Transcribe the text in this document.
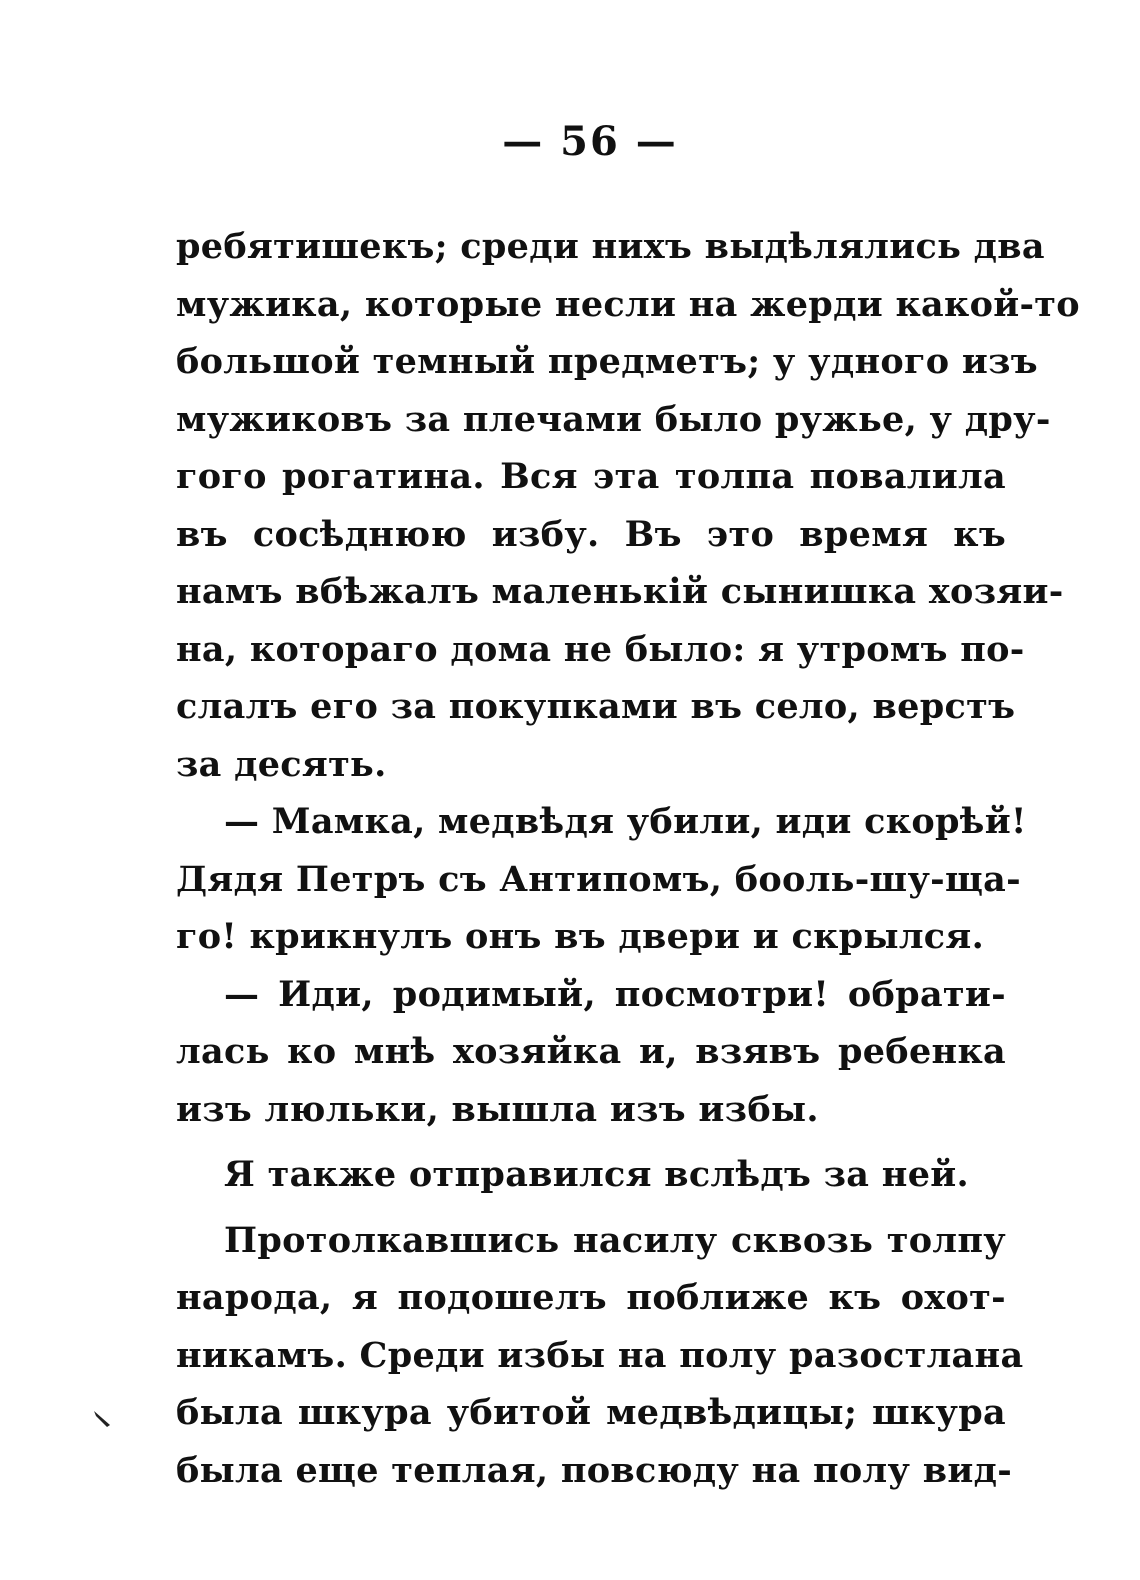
— 56 —
ребятишекъ; среди нихъ выдѣлялись два
мужика, которые несли на жерди какой-то
большой темный предметъ; у удного изъ
мужиковъ за плечами было ружье, у дру-
гого рогатина. Вся эта толпа повалила
въ сосѣднюю избу. Въ это время къ
намъ вбѣжалъ маленькій сынишка хозяи-
на, котораго дома не было: я утромъ по-
слалъ его за покупками въ село, верстъ
за десять.
— Мамка, медвѣдя убили, иди скорѣй!
Дядя Петръ съ Антипомъ, бооль-шу-ща-
го! крикнулъ онъ въ двери и скрылся.
— Иди, родимый, посмотри! обрати-
лась ко мнѣ хозяйка и, взявъ ребенка
изъ люльки, вышла изъ избы.
Я также отправился вслѣдъ за ней.
Протолкавшись насилу сквозь толпу
народа, я подошелъ поближе къ охот-
никамъ. Среди избы на полу разостлана
была шкура убитой медвѣдицы; шкура
была еще теплая, повсюду на полу вид-
